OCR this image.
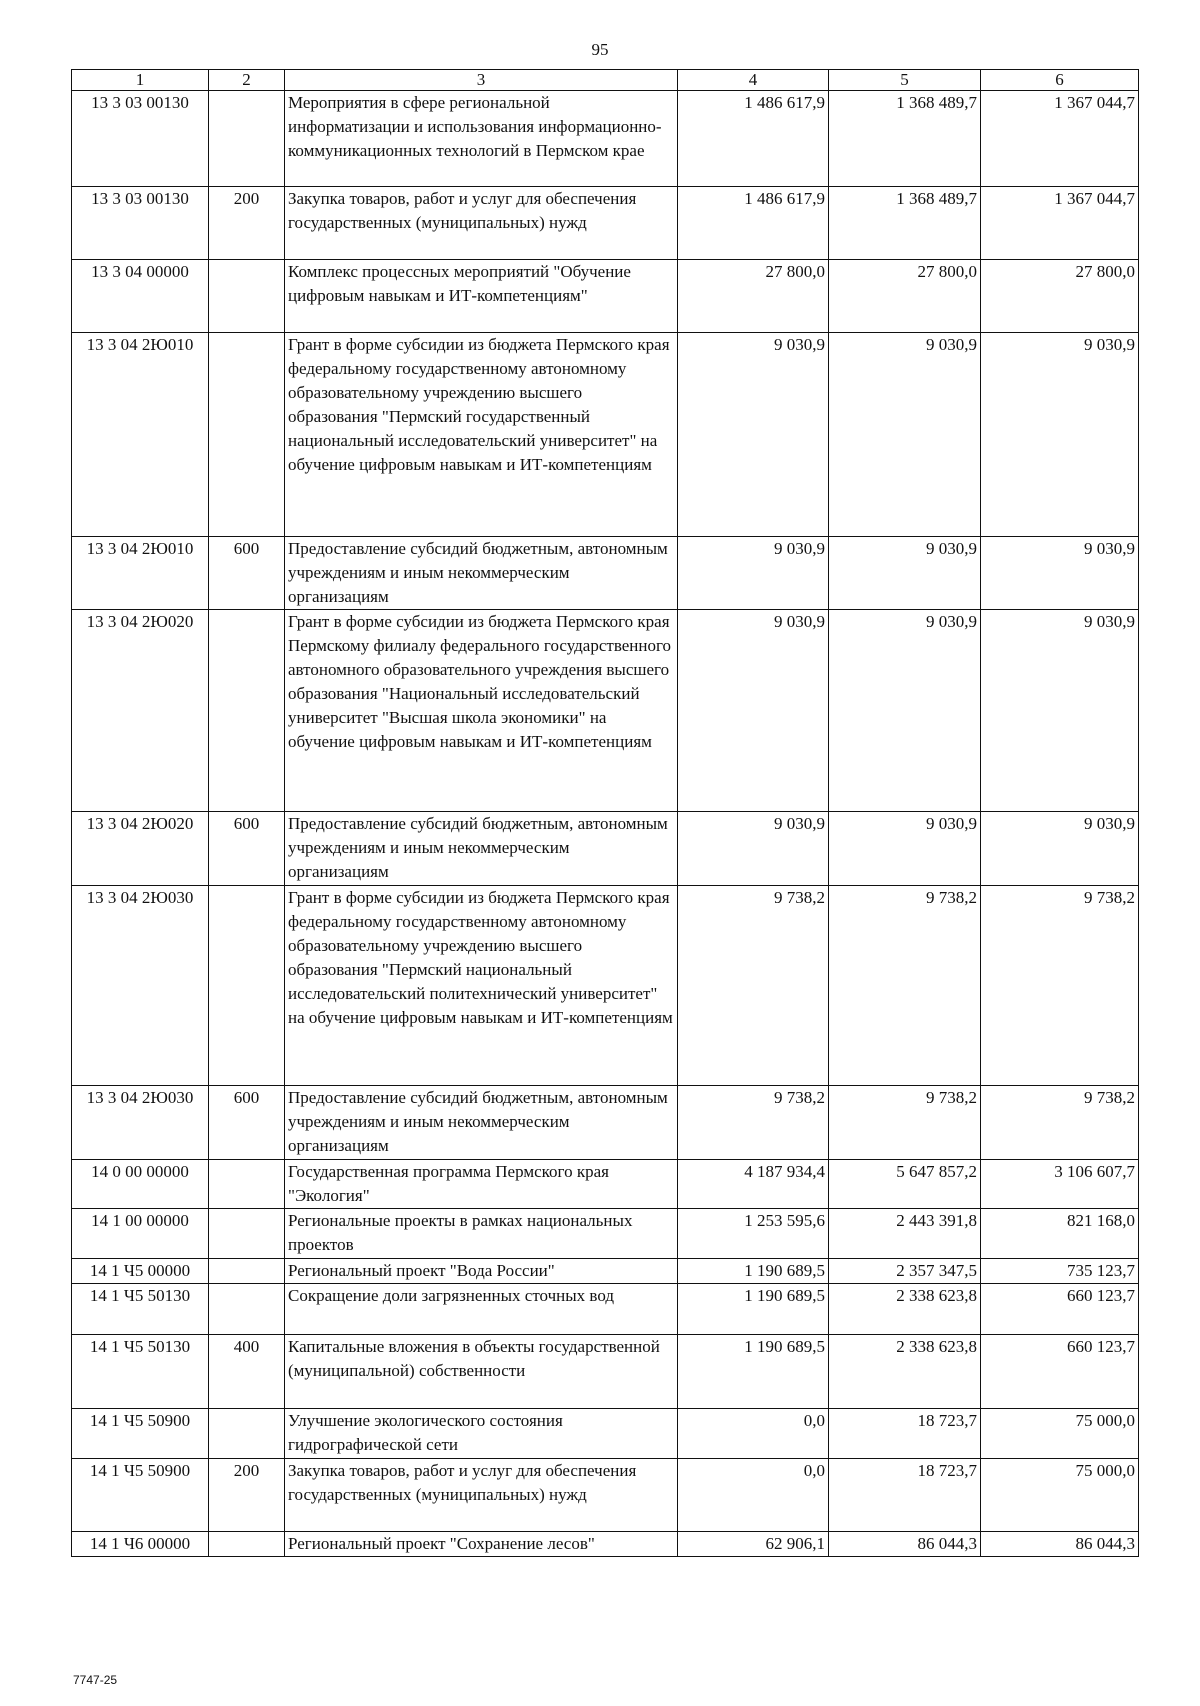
95
1	2	3	4	5	6
13 3 03 00130		Мероприятия в сфере региональной информатизации и использования информационно-коммуникационных технологий в Пермском крае	1 486 617,9	1 368 489,7	1 367 044,7
13 3 03 00130	200	Закупка товаров, работ и услуг для обеспечения государственных (муниципальных) нужд	1 486 617,9	1 368 489,7	1 367 044,7
13 3 04 00000		Комплекс процессных мероприятий "Обучение цифровым навыкам и ИТ-компетенциям"	27 800,0	27 800,0	27 800,0
13 3 04 2Ю010		Грант в форме субсидии из бюджета Пермского края федеральному государственному автономному образовательному учреждению высшего образования "Пермский государственный национальный исследовательский университет" на обучение цифровым навыкам и ИТ-компетенциям	9 030,9	9 030,9	9 030,9
13 3 04 2Ю010	600	Предоставление субсидий бюджетным, автономным учреждениям и иным некоммерческим организациям	9 030,9	9 030,9	9 030,9
13 3 04 2Ю020		Грант в форме субсидии из бюджета Пермского края Пермскому филиалу федерального государственного автономного образовательного учреждения высшего образования "Национальный исследовательский университет "Высшая школа экономики" на обучение цифровым навыкам и ИТ-компетенциям	9 030,9	9 030,9	9 030,9
13 3 04 2Ю020	600	Предоставление субсидий бюджетным, автономным учреждениям и иным некоммерческим организациям	9 030,9	9 030,9	9 030,9
13 3 04 2Ю030		Грант в форме субсидии из бюджета Пермского края федеральному государственному автономному образовательному учреждению высшего образования "Пермский национальный исследовательский политехнический университет" на обучение цифровым навыкам и ИТ-компетенциям	9 738,2	9 738,2	9 738,2
13 3 04 2Ю030	600	Предоставление субсидий бюджетным, автономным учреждениям и иным некоммерческим организациям	9 738,2	9 738,2	9 738,2
14 0 00 00000		Государственная программа Пермского края "Экология"	4 187 934,4	5 647 857,2	3 106 607,7
14 1 00 00000		Региональные проекты в рамках национальных проектов	1 253 595,6	2 443 391,8	821 168,0
14 1 Ч5 00000		Региональный проект "Вода России"	1 190 689,5	2 357 347,5	735 123,7
14 1 Ч5 50130		Сокращение доли загрязненных сточных вод	1 190 689,5	2 338 623,8	660 123,7
14 1 Ч5 50130	400	Капитальные вложения в объекты государственной (муниципальной) собственности	1 190 689,5	2 338 623,8	660 123,7
14 1 Ч5 50900		Улучшение экологического состояния гидрографической сети	0,0	18 723,7	75 000,0
14 1 Ч5 50900	200	Закупка товаров, работ и услуг для обеспечения государственных (муниципальных) нужд	0,0	18 723,7	75 000,0
14 1 Ч6 00000		Региональный проект "Сохранение лесов"	62 906,1	86 044,3	86 044,3
7747-25
